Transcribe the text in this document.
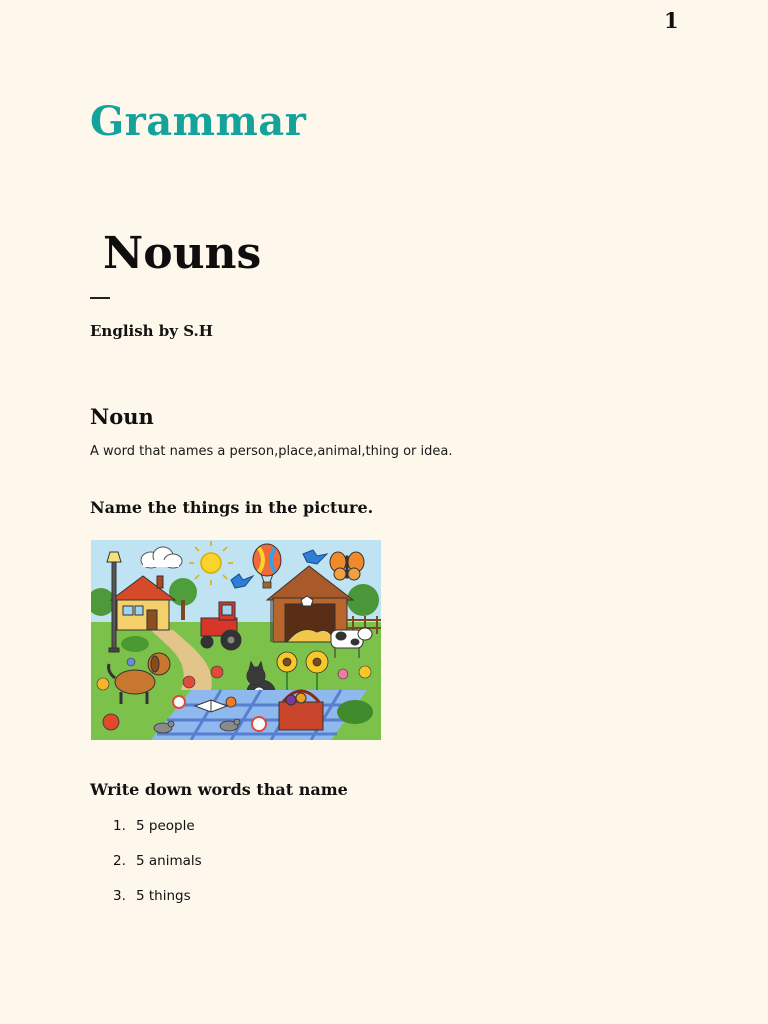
1
Grammar
Nouns
English by S.H
Noun
A word that names a person,place,animal,thing or idea.
Name the things in the picture.
Write down words that name
1. 5 people
2. 5 animals
3. 5 things
